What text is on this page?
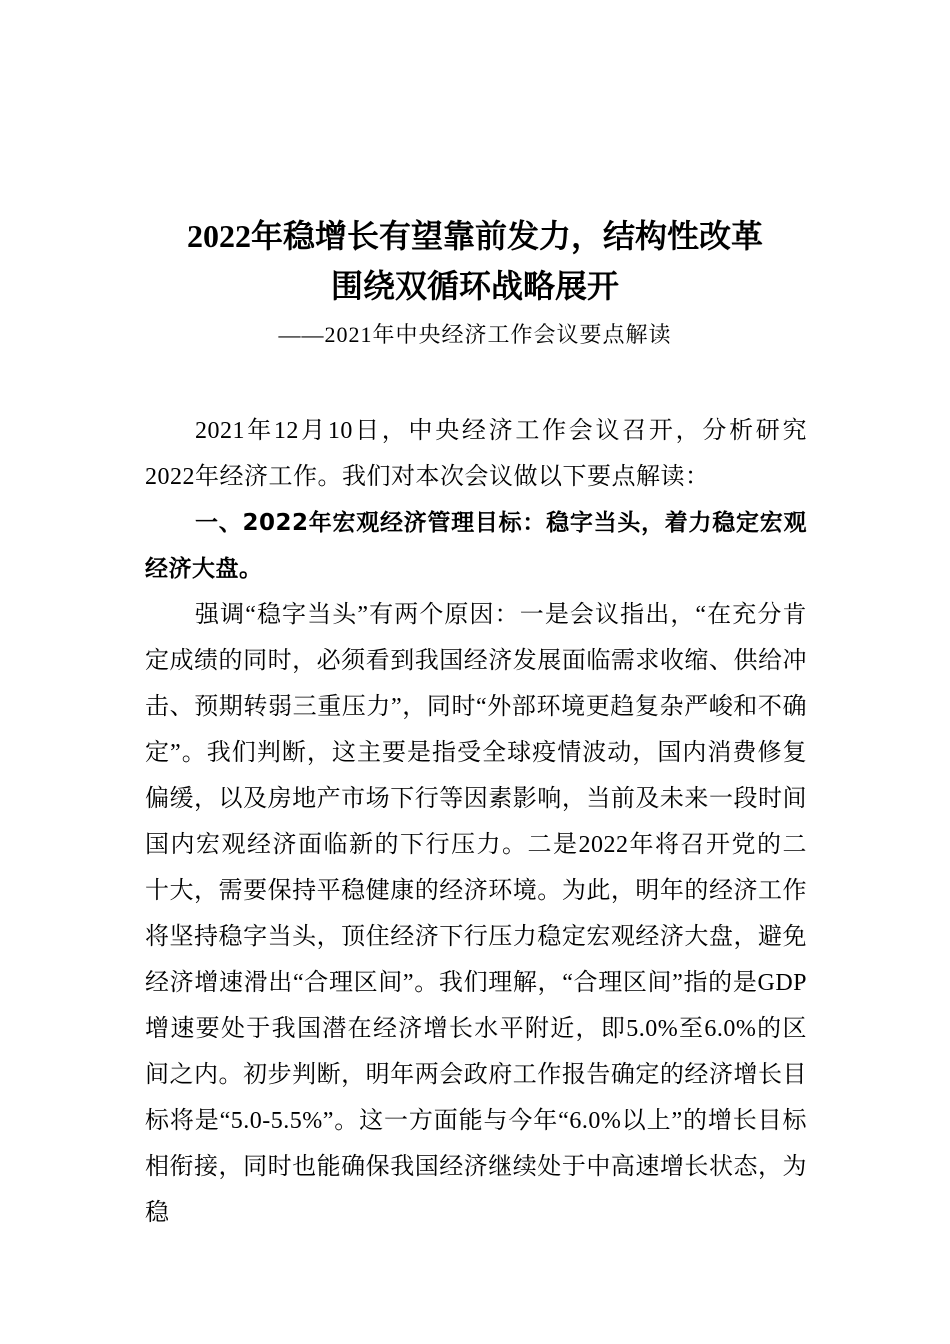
2022年稳增长有望靠前发力，结构性改革
围绕双循环战略展开
——2021年中央经济工作会议要点解读

2021年12月10日，中央经济工作会议召开，分析研究2022年经济工作。我们对本次会议做以下要点解读：

一、2022年宏观经济管理目标：稳字当头，着力稳定宏观经济大盘。

强调“稳字当头”有两个原因：一是会议指出，“在充分肯定成绩的同时，必须看到我国经济发展面临需求收缩、供给冲击、预期转弱三重压力”，同时“外部环境更趋复杂严峻和不确定”。我们判断，这主要是指受全球疫情波动，国内消费修复偏缓，以及房地产市场下行等因素影响，当前及未来一段时间国内宏观经济面临新的下行压力。二是2022年将召开党的二十大，需要保持平稳健康的经济环境。为此，明年的经济工作将坚持稳字当头，顶住经济下行压力稳定宏观经济大盘，避免经济增速滑出“合理区间”。我们理解，“合理区间”指的是GDP增速要处于我国潜在经济增长水平附近，即5.0%至6.0%的区间之内。初步判断，明年两会政府工作报告确定的经济增长目标将是“5.0-5.5%”。这一方面能与今年“6.0%以上”的增长目标相衔接，同时也能确保我国经济继续处于中高速增长状态，为稳
